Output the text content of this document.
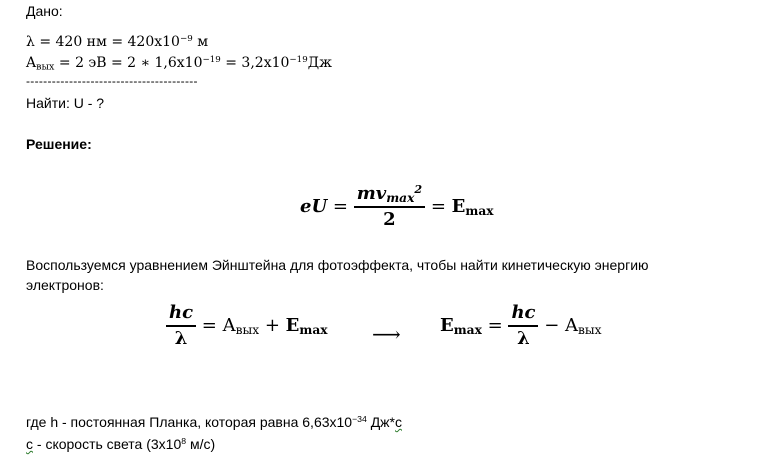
Дано:
λ = 420 нм = $420x10^{-9}$ м
$A_{вых} = 2$ эВ = 2 ∗ $1,6x10^{-19} = 3,2x10^{-19}Дж$
----------------------------------------
Найти: U - ?
Решение:
eU = $\frac{mv_{max}^2}{2} = E_{max}$
Воспользуемся уравнением Эйнштейна для фотоэффекта, чтобы найти кинетическую энергию
электронов:
$\frac{hc}{\lambda} = A_{вых} + E_{max}$ ⟶ $E_{max} = \frac{hc}{\lambda} - A_{вых}$
где h - постоянная Планка, которая равна $6,63x10^{-34}$ Дж*с
с - скорость света ($3x10^8$ м/с)
